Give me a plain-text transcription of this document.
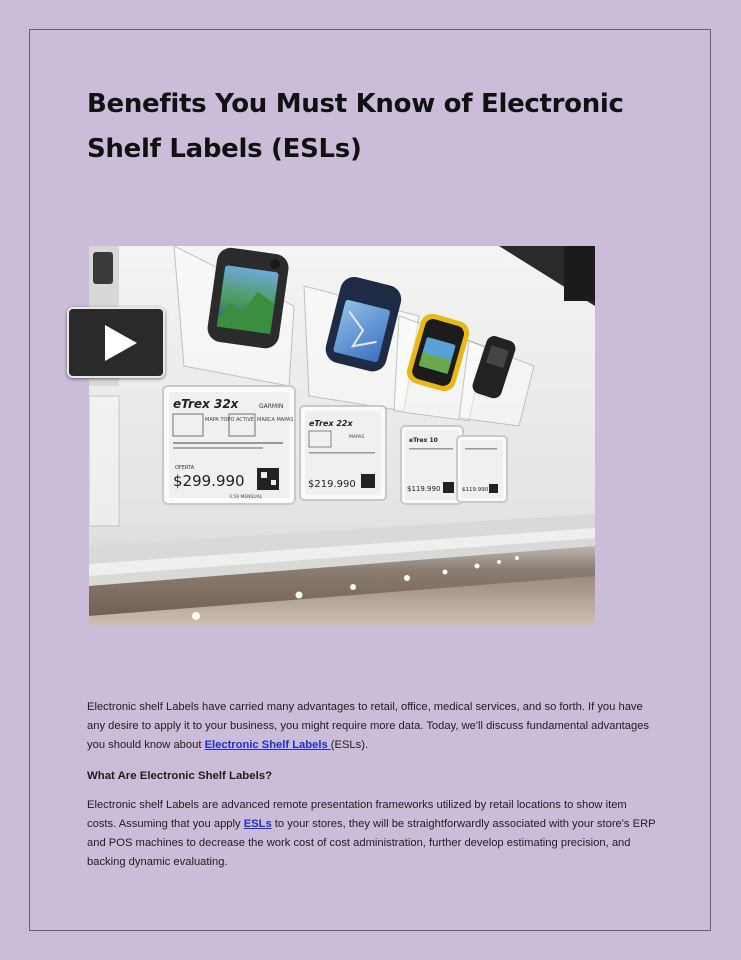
Benefits You Must Know of Electronic Shelf Labels (ESLs)
eTrex 32x	GARMIN
MAPA TOPO ACTIVE MARCA MAPAS
OFERTA
$299.990
3.59 MENSUAL
eTrex 22x
MAPAS
$219.990
eTrex 10
$119.990	$119.990
Electronic shelf Labels have carried many advantages to retail, office, medical services, and so forth. If you have any desire to apply it to your business, you might require more data. Today, we'll discuss fundamental advantages you should know about Electronic Shelf Labels (ESLs).
What Are Electronic Shelf Labels?
Electronic shelf Labels are advanced remote presentation frameworks utilized by retail locations to show item costs. Assuming that you apply ESLs to your stores, they will be straightforwardly associated with your store's ERP and POS machines to decrease the work cost of cost administration, further develop estimating precision, and backing dynamic evaluating.
